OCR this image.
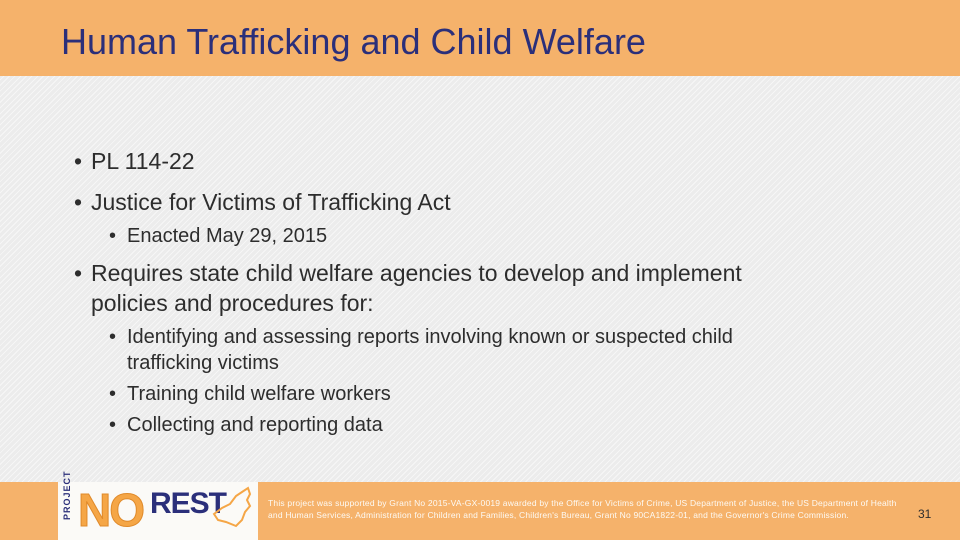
Human Trafficking and Child Welfare
• PL 114-22
• Justice for Victims of Trafficking Act
• Enacted May 29, 2015
• Requires state child welfare agencies to develop and implement
policies and procedures for:
• Identifying and assessing reports involving known or suspected child
trafficking victims
• Training child welfare workers
• Collecting and reporting data
PROJECT NO REST	This project was supported by Grant No 2015-VA-GX-0019 awarded by the Office for Victims of Crime, US Department of Justice, the US Department of Health and Human Services, Administration for Children and Families, Children's Bureau, Grant No 90CA1822-01, and the Governor's Crime Commission.	31
